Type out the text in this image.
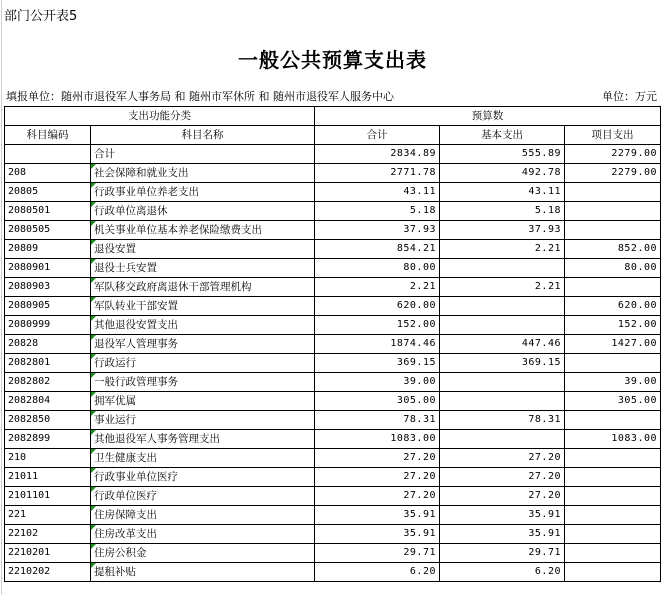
部门公开表5
一般公共预算支出表
填报单位：随州市退役军人事务局 和 随州市军休所 和 随州市退役军人服务中心	单位：万元
支出功能分类		预算数		
科目编码	科目名称	合计	基本支出	项目支出
	合计	2834.89	555.89	2279.00
208	社会保障和就业支出	2771.78	492.78	2279.00
20805	行政事业单位养老支出	43.11	43.11	
2080501	行政单位离退休	5.18	5.18	
2080505	机关事业单位基本养老保险缴费支出	37.93	37.93	
20809	退役安置	854.21	2.21	852.00
2080901	退役士兵安置	80.00		80.00
2080903	军队移交政府离退休干部管理机构	2.21	2.21	
2080905	军队转业干部安置	620.00		620.00
2080999	其他退役安置支出	152.00		152.00
20828	退役军人管理事务	1874.46	447.46	1427.00
2082801	行政运行	369.15	369.15	
2082802	一般行政管理事务	39.00		39.00
2082804	拥军优属	305.00		305.00
2082850	事业运行	78.31	78.31	
2082899	其他退役军人事务管理支出	1083.00		1083.00
210	卫生健康支出	27.20	27.20	
21011	行政事业单位医疗	27.20	27.20	
2101101	行政单位医疗	27.20	27.20	
221	住房保障支出	35.91	35.91	
22102	住房改革支出	35.91	35.91	
2210201	住房公积金	29.71	29.71	
2210202	提租补贴	6.20	6.20	
